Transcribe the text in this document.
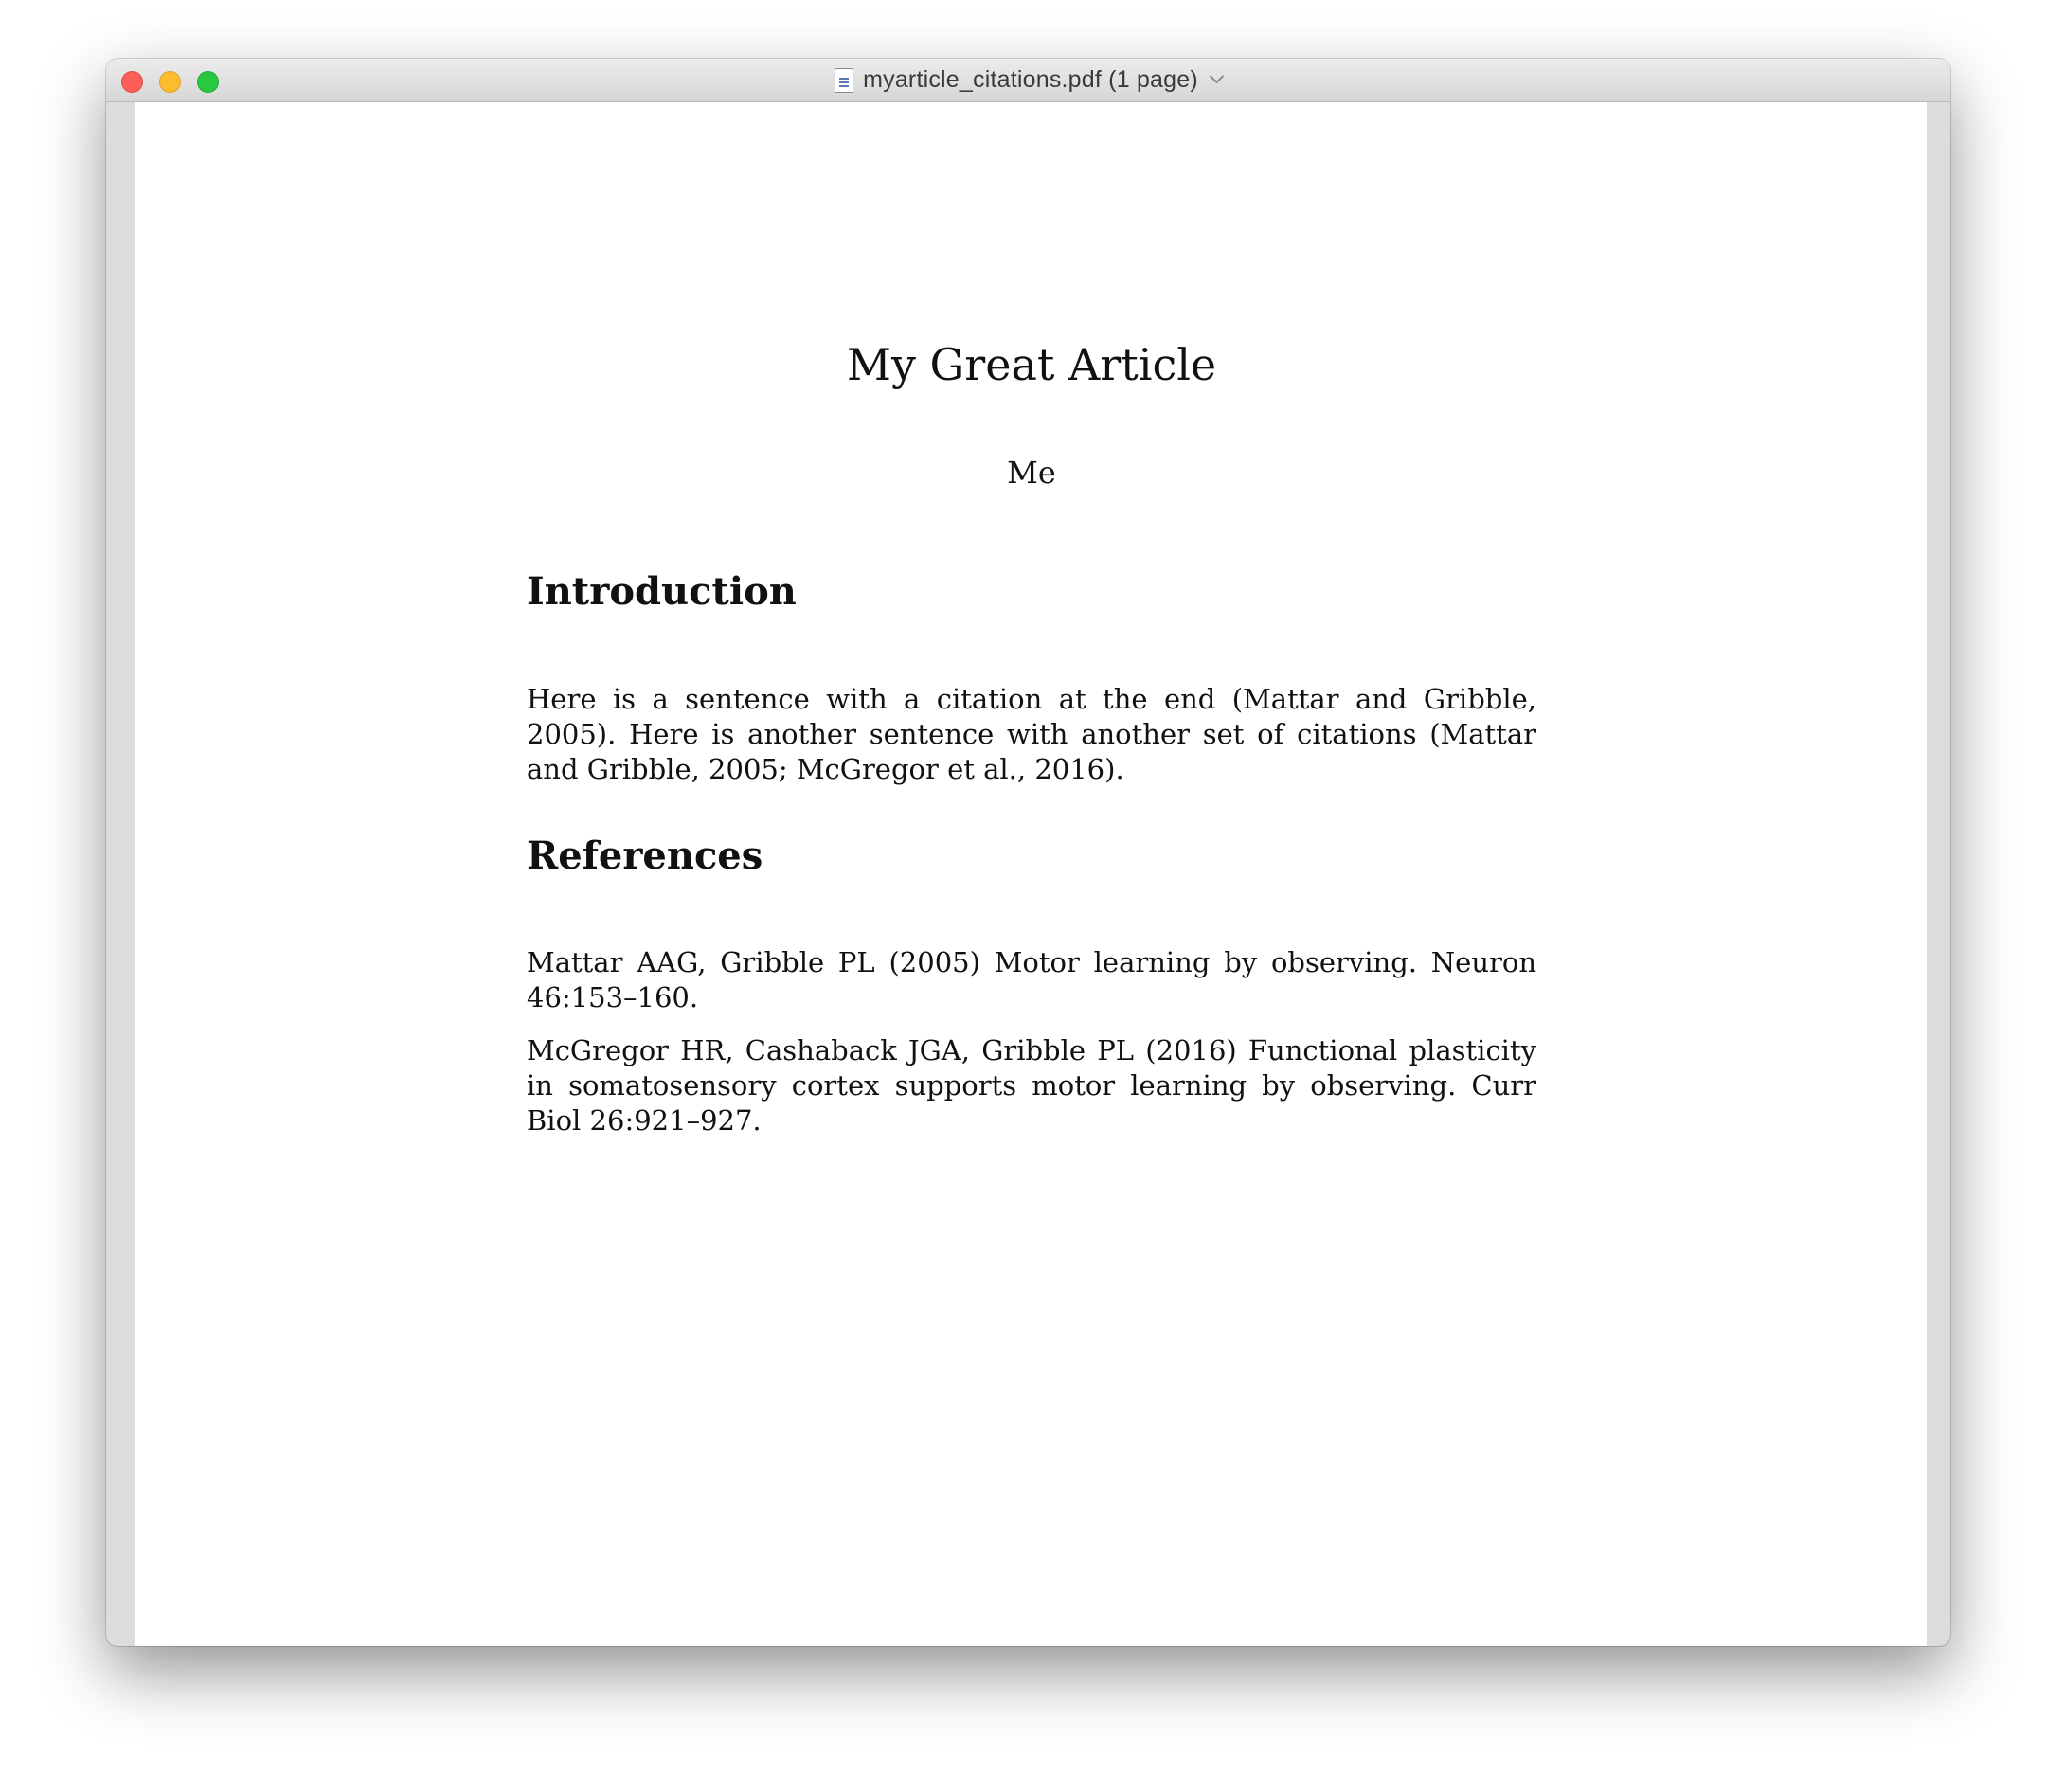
myarticle_citations.pdf (1 page)
My Great Article

Me

Introduction

Here is a sentence with a citation at the end (Mattar and Gribble, 2005). Here is another sentence with another set of citations (Mattar and Gribble, 2005; McGregor et al., 2016).

References

Mattar AAG, Gribble PL (2005) Motor learning by observing. Neuron 46:153–160.

McGregor HR, Cashaback JGA, Gribble PL (2016) Functional plasticity in somatosensory cortex supports motor learning by observing. Curr Biol 26:921–927.
